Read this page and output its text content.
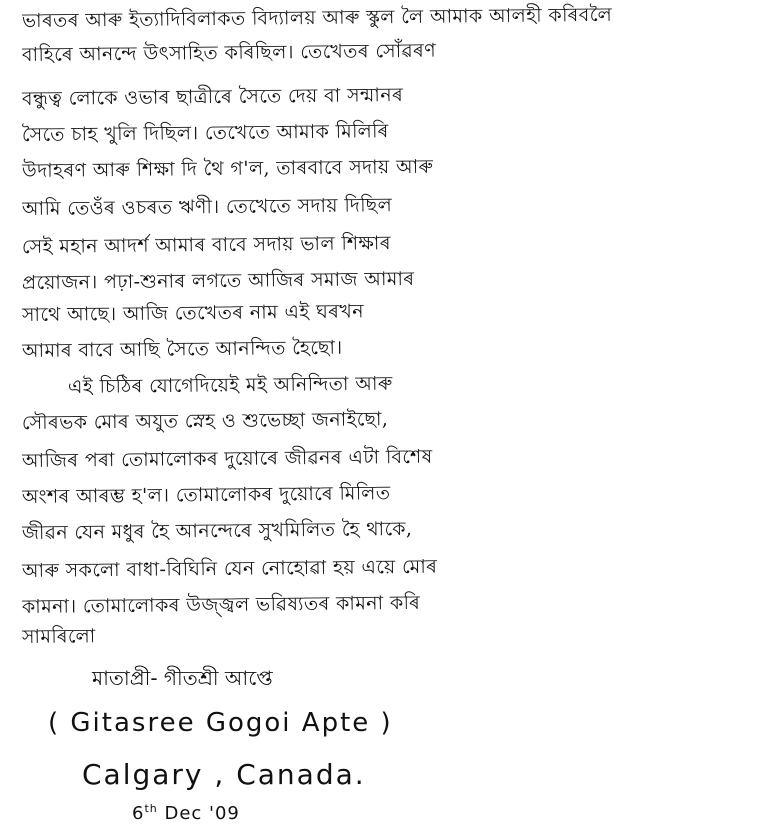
ভাৰতৰ আৰু ইত্যাদিবিলাকত বিদ্যালয় আৰু স্কুল লৈ আমাক আলহী কৰিবলৈ
বাহিৰে আনন্দে উৎসাহিত কৰিছিল। তেখেতৰ সোঁৱৰণ
বন্ধুত্ব লোকে ওভাৰ ছাত্ৰীৰে সৈতে দেয় বা সন্মানৰ
সৈতে চাহ খুলি দিছিল। তেখেতে আমাক মিলিৰি
উদাহৰণ আৰু শিক্ষা দি থৈ গ'ল, তাৰবাবে সদায় আৰু
আমি তেওঁৰ ওচৰত ঋণী। তেখেতে সদায় দিছিল
সেই মহান আদৰ্শ আমাৰ বাবে সদায় ভাল শিক্ষাৰ
প্ৰয়োজন। পঢ়া-শুনাৰ লগতে আজিৰ সমাজ আমাৰ
সাথে আছে। আজি তেখেতৰ নাম এই ঘৰখন
আমাৰ বাবে আছি সৈতে আনন্দিত হৈছো।
এই চিঠিৰ যোগেদিয়েই মই অনিন্দিতা আৰু
সৌৰভক মোৰ অযুত স্নেহ ও শুভেচ্ছা জনাইছো,
আজিৰ পৰা তোমালোকৰ দুয়োৰে জীৱনৰ এটা বিশেষ
অংশৰ আৰম্ভ হ'ল। তোমালোকৰ দুয়োৰে মিলিত
জীৱন যেন মধুৰ হৈ আনন্দেৰে সুখমিলিত হৈ থাকে,
আৰু সকলো বাধা-বিঘিনি যেন নোহোৱা হয় এয়ে মোৰ
কামনা। তোমালোকৰ উজ্জ্বল ভৱিষ্যতৰ কামনা কৰি
সামৰিলো
মাতাপ্ৰী- গীতশ্ৰী আপ্তে
( Gitasree Gogoi Apte )
Calgary , Canada.
6th Dec '09
